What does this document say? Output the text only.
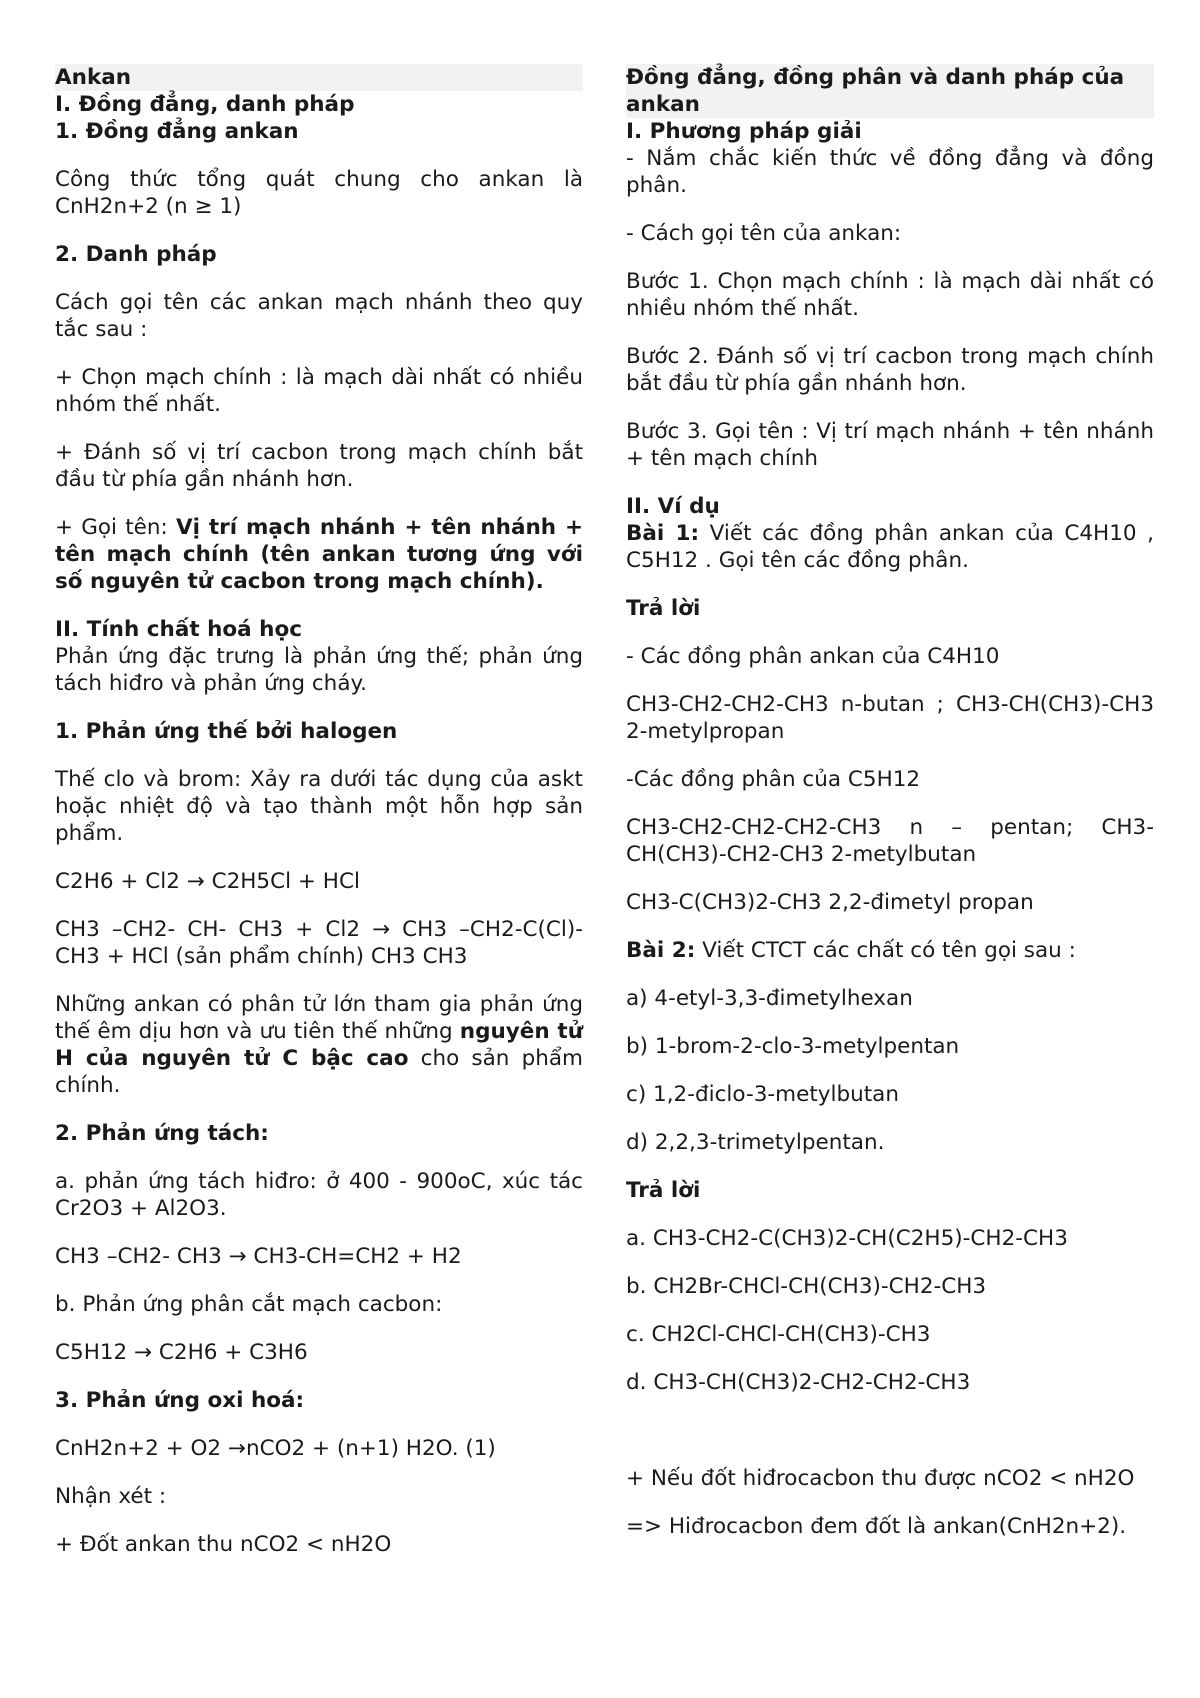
Ankan
I. Đồng đẳng, danh pháp
1. Đồng đẳng ankan

Công thức tổng quát chung cho ankan là CnH2n+2 (n ≥ 1)

2. Danh pháp

Cách gọi tên các ankan mạch nhánh theo quy tắc sau :

+ Chọn mạch chính : là mạch dài nhất có nhiều nhóm thế nhất.

+ Đánh số vị trí cacbon trong mạch chính bắt đầu từ phía gần nhánh hơn.

+ Gọi tên: Vị trí mạch nhánh + tên nhánh + tên mạch chính (tên ankan tương ứng với số nguyên tử cacbon trong mạch chính).

II. Tính chất hoá học

Phản ứng đặc trưng là phản ứng thế; phản ứng tách hiđro và phản ứng cháy.

1. Phản ứng thế bởi halogen

Thế clo và brom: Xảy ra dưới tác dụng của askt hoặc nhiệt độ và tạo thành một hỗn hợp sản phẩm.

C2H6 + Cl2 → C2H5Cl + HCl

CH3 –CH2- CH- CH3 + Cl2 → CH3 –CH2-C(Cl)- CH3 + HCl (sản phẩm chính) CH3 CH3

Những ankan có phân tử lớn tham gia phản ứng thế êm dịu hơn và ưu tiên thế những nguyên tử H của nguyên tử C bậc cao cho sản phẩm chính.

2. Phản ứng tách:

a. phản ứng tách hiđro: ở 400 - 900oC, xúc tác Cr2O3 + Al2O3.

CH3 –CH2- CH3 → CH3-CH=CH2 + H2

b. Phản ứng phân cắt mạch cacbon:

C5H12 → C2H6 + C3H6

3. Phản ứng oxi hoá:

CnH2n+2 + O2 →nCO2 + (n+1) H2O. (1)

Nhận xét :

+ Đốt ankan thu nCO2 < nH2O

Đồng đẳng, đồng phân và danh pháp của ankan
I. Phương pháp giải

- Nắm chắc kiến thức về đồng đẳng và đồng phân.

- Cách gọi tên của ankan:

Bước 1. Chọn mạch chính : là mạch dài nhất có nhiều nhóm thế nhất.

Bước 2. Đánh số vị trí cacbon trong mạch chính bắt đầu từ phía gần nhánh hơn.

Bước 3. Gọi tên : Vị trí mạch nhánh + tên nhánh + tên mạch chính

II. Ví dụ

Bài 1: Viết các đồng phân ankan của C4H10 , C5H12 . Gọi tên các đồng phân.

Trả lời

- Các đồng phân ankan của C4H10

CH3-CH2-CH2-CH3 n-butan ; CH3-CH(CH3)-CH3 2-metylpropan

-Các đồng phân của C5H12

CH3-CH2-CH2-CH2-CH3 n – pentan; CH3-CH(CH3)-CH2-CH3 2-metylbutan

CH3-C(CH3)2-CH3 2,2-đimetyl propan

Bài 2: Viết CTCT các chất có tên gọi sau :

a) 4-etyl-3,3-đimetylhexan

b) 1-brom-2-clo-3-metylpentan

c) 1,2-điclo-3-metylbutan

d) 2,2,3-trimetylpentan.

Trả lời

a. CH3-CH2-C(CH3)2-CH(C2H5)-CH2-CH3

b. CH2Br-CHCl-CH(CH3)-CH2-CH3

c. CH2Cl-CHCl-CH(CH3)-CH3

d. CH3-CH(CH3)2-CH2-CH2-CH3

+ Nếu đốt hiđrocacbon thu được nCO2 < nH2O

=> Hiđrocacbon đem đốt là ankan(CnH2n+2).
